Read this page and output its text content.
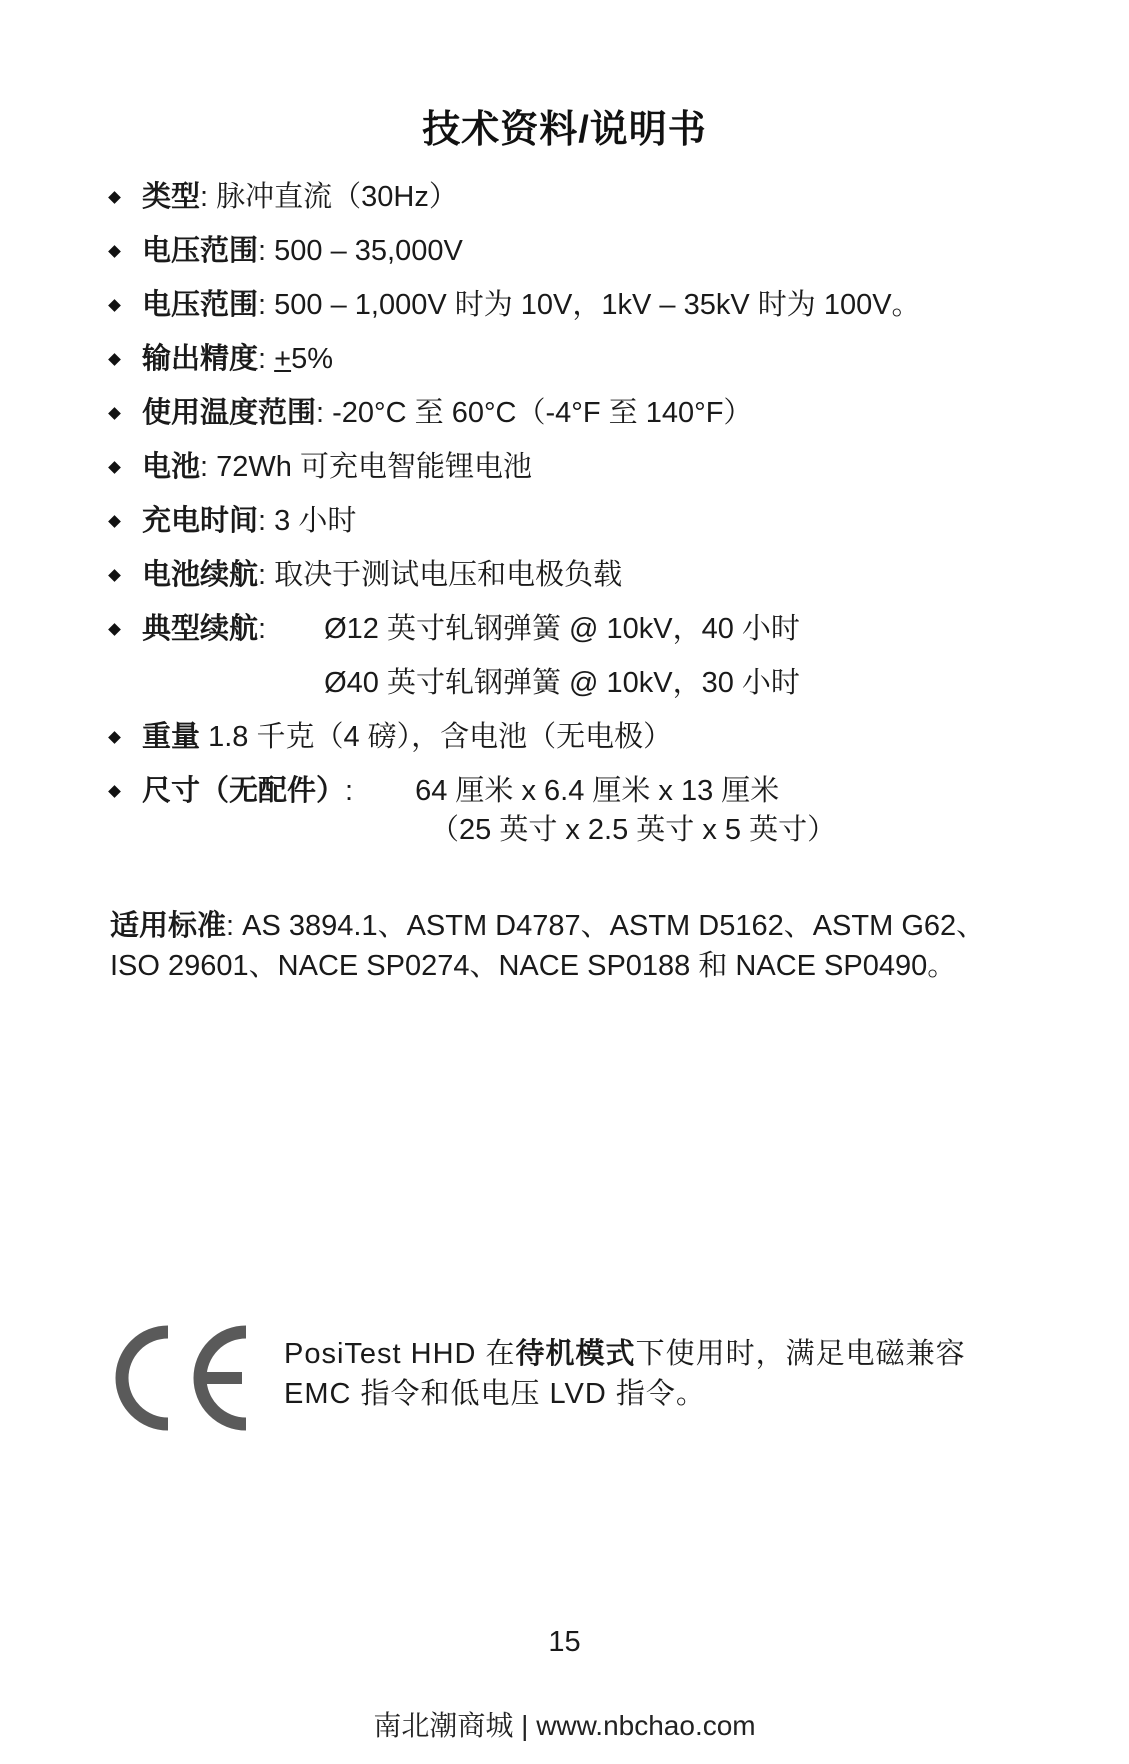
技术资料/说明书
类型: 脉冲直流（30Hz）
电压范围: 500 – 35,000V
电压范围: 500 – 1,000V 时为 10V，1kV – 35kV 时为 100V。
输出精度: +5%
使用温度范围: -20°C 至 60°C（-4°F 至 140°F）
电池: 72Wh 可充电智能锂电池
充电时间: 3 小时
电池续航: 取决于测试电压和电极负载
典型续航: Ø12 英寸轧钢弹簧 @ 10kV，40 小时
Ø40 英寸轧钢弹簧 @ 10kV，30 小时
重量 1.8 千克（4 磅），含电池（无电极）
尺寸（无配件）: 64 厘米 x 6.4 厘米 x 13 厘米
（25 英寸 x 2.5 英寸 x 5 英寸）
适用标准: AS 3894.1、ASTM D4787、ASTM D5162、ASTM G62、ISO 29601、NACE SP0274、NACE SP0188 和 NACE SP0490。
PosiTest HHD 在待机模式下使用时，满足电磁兼容 EMC 指令和低电压 LVD 指令。
15
南北潮商城 | www.nbchao.com
